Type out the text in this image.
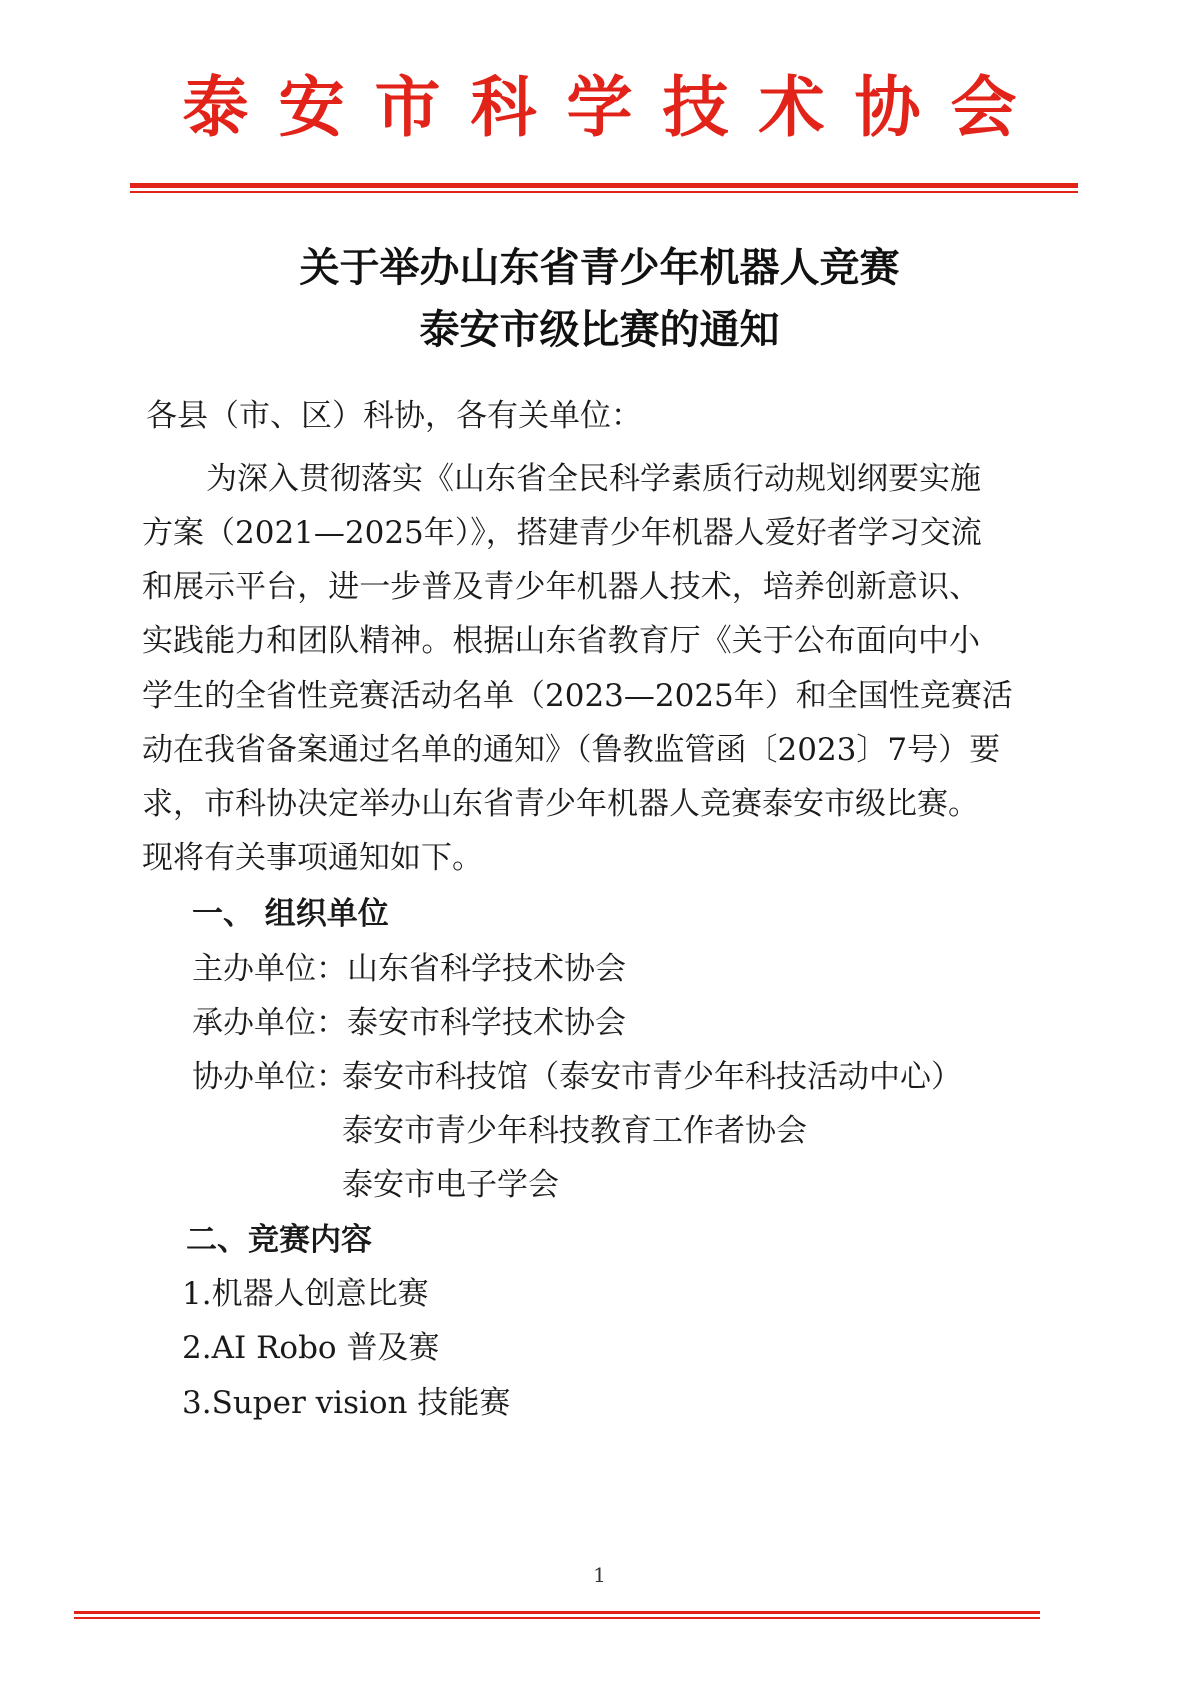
泰安市科学技术协会
关于举办山东省青少年机器人竞赛
泰安市级比赛的通知
各县（市、区）科协，各有关单位：
为深入贯彻落实《山东省全民科学素质行动规划纲要实施
方案（2021—2025年）》，搭建青少年机器人爱好者学习交流
和展示平台，进一步普及青少年机器人技术，培养创新意识、
实践能力和团队精神。根据山东省教育厅《关于公布面向中小
学生的全省性竞赛活动名单（2023—2025年）和全国性竞赛活
动在我省备案通过名单的通知》（鲁教监管函〔2023〕7号）要
求，市科协决定举办山东省青少年机器人竞赛泰安市级比赛。
现将有关事项通知如下。
一、 组织单位
主办单位：山东省科学技术协会
承办单位：泰安市科学技术协会
协办单位：
泰安市科技馆（泰安市青少年科技活动中心）
泰安市青少年科技教育工作者协会
泰安市电子学会
二、竞赛内容
1.机器人创意比赛
2.AI Robo 普及赛
3.Super vision 技能赛
1
